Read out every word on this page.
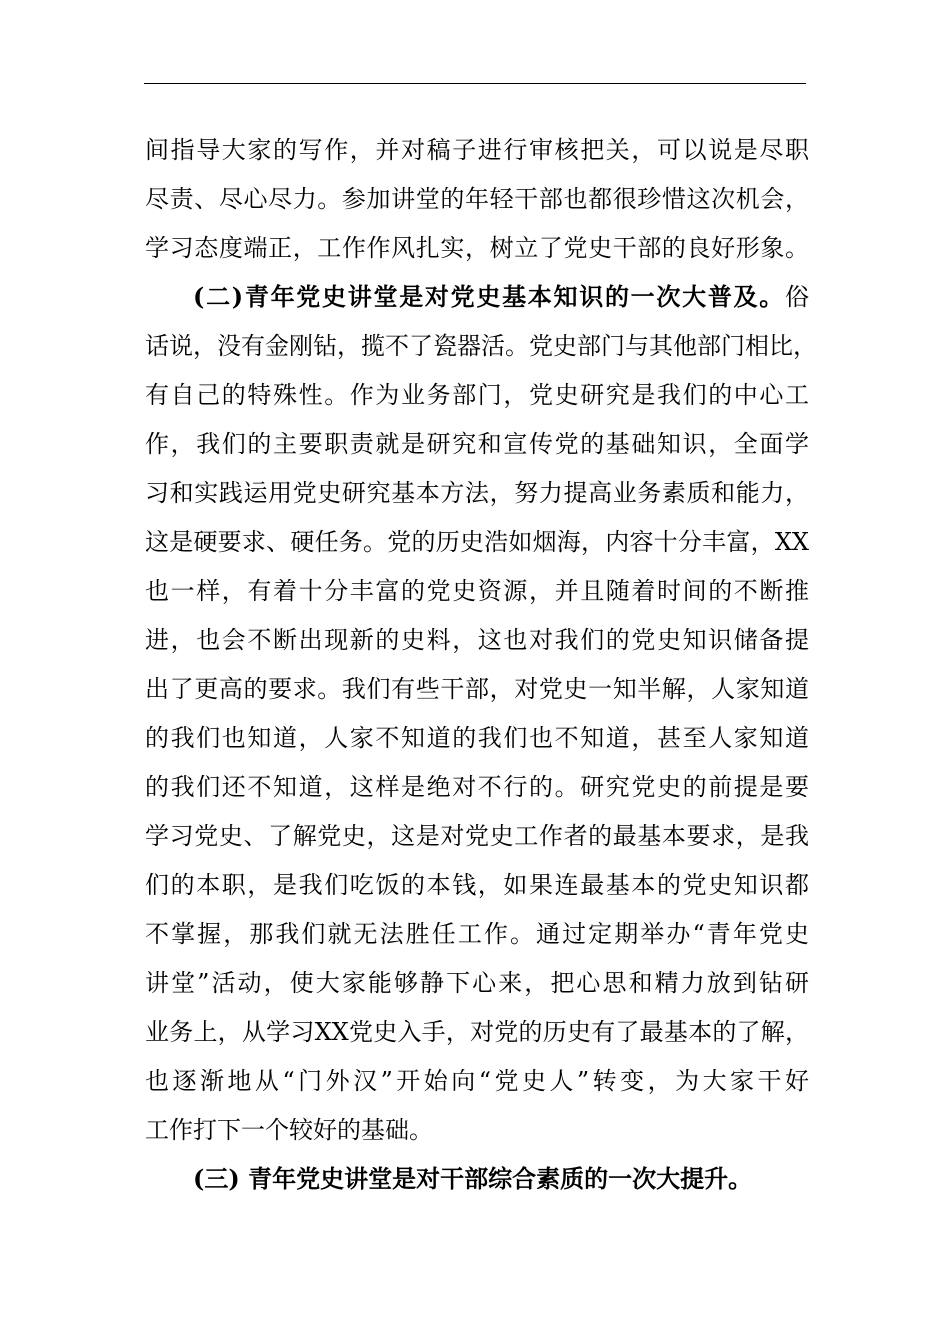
间指导大家的写作，并对稿子进行审核把关，可以说是尽职
尽责、尽心尽力。参加讲堂的年轻干部也都很珍惜这次机会，
学习态度端正，工作作风扎实，树立了党史干部的良好形象。
(二)青年党史讲堂是对党史基本知识的一次大普及。俗
话说，没有金刚钻，揽不了瓷器活。党史部门与其他部门相比，
有自己的特殊性。作为业务部门，党史研究是我们的中心工
作，我们的主要职责就是研究和宣传党的基础知识，全面学
习和实践运用党史研究基本方法，努力提高业务素质和能力，
这是硬要求、硬任务。党的历史浩如烟海，内容十分丰富，XX
也一样，有着十分丰富的党史资源，并且随着时间的不断推
进，也会不断出现新的史料，这也对我们的党史知识储备提
出了更高的要求。我们有些干部，对党史一知半解，人家知道
的我们也知道，人家不知道的我们也不知道，甚至人家知道
的我们还不知道，这样是绝对不行的。研究党史的前提是要
学习党史、了解党史，这是对党史工作者的最基本要求，是我
们的本职，是我们吃饭的本钱，如果连最基本的党史知识都
不掌握，那我们就无法胜任工作。通过定期举办“青年党史
讲堂”活动，使大家能够静下心来，把心思和精力放到钻研
业务上，从学习XX党史入手，对党的历史有了最基本的了解，
也逐渐地从“门外汉”开始向“党史人”转变，为大家干好
工作打下一个较好的基础。
(三) 青年党史讲堂是对干部综合素质的一次大提升。
